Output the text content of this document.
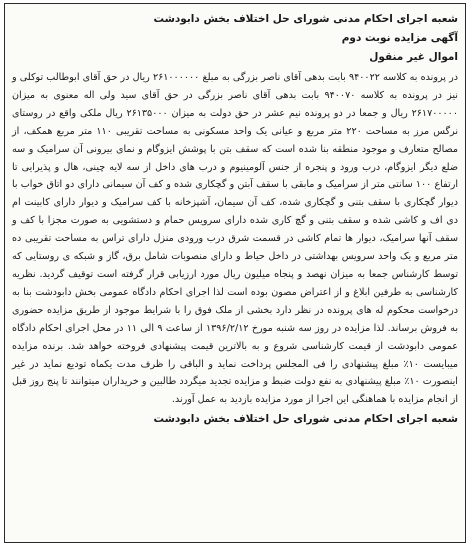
شعبه اجرای احکام مدنی شورای حل اختلاف بخش دابودشت
آگهی مزایده نوبت دوم
اموال غیر منقول
در پرونده به کلاسه ۹۴۰۰۲۲ بابت بدهی آقای ناصر بزرگی به مبلغ ۲۶۱۰۰۰۰۰۰ ریال در حق آقای ابوطالب توکلی و نیز در پرونده به کلاسه ۹۴۰۰۷۰ بابت بدهی آقای ناصر بزرگی در حق آقای سید ولی اله معنوی به میزان ۲۶۱۷۰۰۰۰۰ ریال و جمعا در دو پرونده نیم عشر در حق دولت به میزان ۲۶۱۳۵۰۰۰ ریال ملکی واقع در روستای نرگس مرز به مساحت ۲۲۰ متر مربع و عیانی یک واحد مسکونی به مساحت تقریبی ۱۱۰ متر مربع همکف، از مصالح متعارف و موجود منطقه بنا شده است که سقف بتن با پوشش ایزوگام و نمای بیرونی آن سرامیک و سه ضلع دیگر ایزوگام، درب ورود و پنجره از جنس آلومینیوم و درب های داخل از سه لایه چینی، هال و پذیرایی تا ارتفاع ۱۰۰ سانتی متر از سرامیک و مابقی با سقف آبتن و گچکاری شده و کف آن سیمانی دارای دو اتاق خواب با دیوار گچکاری با سقف بتنی و گچکاری شده، کف آن سیمان، آشپزخانه با کف سرامیک و دیوار دارای کابینت ام دی اف و کاشی شده و سقف بتنی و گچ کاری شده دارای سرویس حمام و دستشویی به صورت مجزا با کف و سقف آنها سرامیک، دیوار ها تمام کاشی در قسمت شرق درب ورودی منزل دارای تراس به مساحت تقریبی ده متر مربع و یک واحد سرویس بهداشتی در داخل حیاط و دارای منصوبات شامل برق، گاز و شبکه ی روستایی که توسط کارشناس جمعا به میزان نهصد و پنجاه میلیون ریال مورد ارزیابی قرار گرفته است توقیف گردید. نظریه کارشناسی به طرفین ابلاغ و از اعتراض مصون بوده است لذا اجرای احکام دادگاه عمومی بخش دابودشت بنا به درخواست محکوم له های پرونده در نظر دارد بخشی از ملک فوق را با شرایط موجود از طریق مزایده حضوری به فروش برساند. لذا مزایده در روز سه شنبه مورخ ۱۳۹۶/۲/۱۲ از ساعت ۹ الی ۱۱ در محل اجرای احکام دادگاه عمومی دابودشت از قیمت کارشناسی شروع و به بالاترین قیمت پیشنهادی فروخته خواهد شد. برنده مزایده میبایست ۱۰٪ مبلغ پیشنهادی را فی المجلس پرداخت نماید و الباقی را ظرف مدت یکماه تودیع نماید در غیر اینصورت ۱۰٪ مبلغ پیشنهادی به نفع دولت ضبط و مزایده تجدید میگردد طالبین و خریداران میتوانند تا پنج روز قبل از انجام مزایده با هماهنگی این اجرا از مورد مزایده بازدید به عمل آورند.
شعبه اجرای احکام مدنی شورای حل اختلاف بخش دابودشت
